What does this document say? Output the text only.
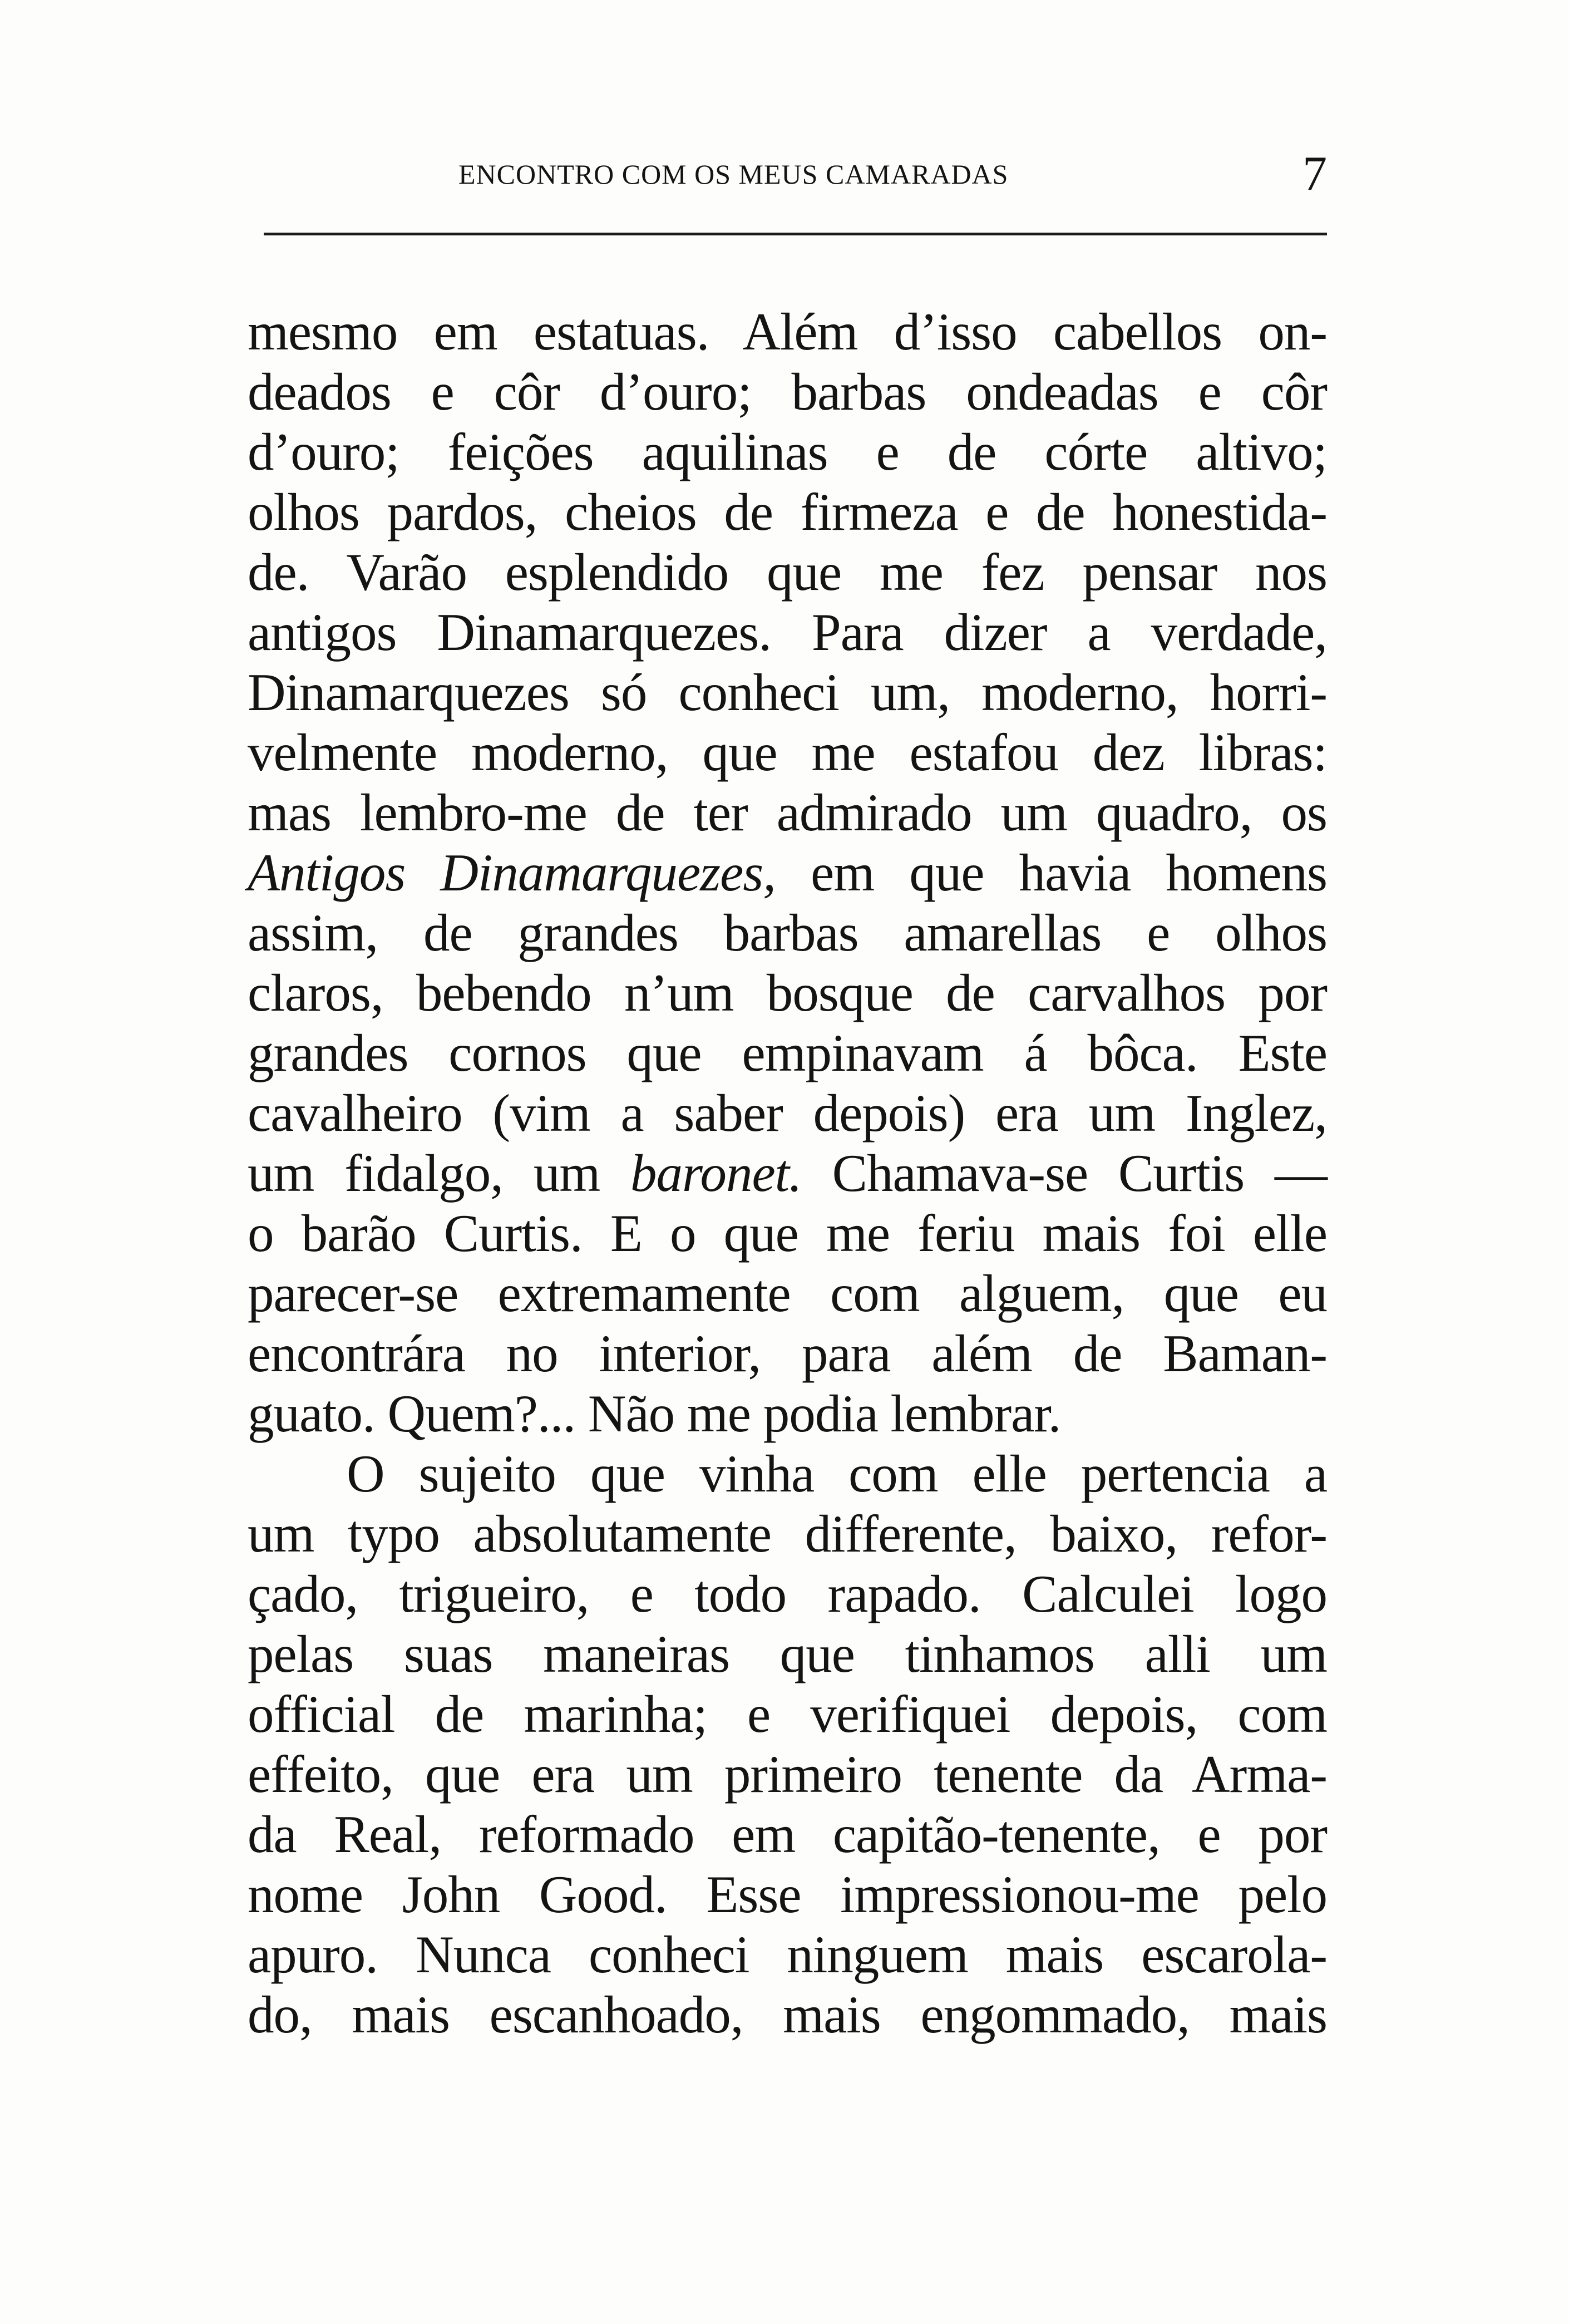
ENCONTRO COM OS MEUS CAMARADAS	7
mesmo em estatuas. Além d’isso cabellos on-
deados e côr d’ouro; barbas ondeadas e côr
d’ouro; feições aquilinas e de córte altivo;
olhos pardos, cheios de firmeza e de honestida-
de. Varão esplendido que me fez pensar nos
antigos Dinamarquezes. Para dizer a verdade,
Dinamarquezes só conheci um, moderno, horri-
velmente moderno, que me estafou dez libras:
mas lembro-me de ter admirado um quadro, os
Antigos Dinamarquezes, em que havia homens
assim, de grandes barbas amarellas e olhos
claros, bebendo n’um bosque de carvalhos por
grandes cornos que empinavam á bôca. Este
cavalheiro (vim a saber depois) era um Inglez,
um fidalgo, um baronet. Chamava-se Curtis —
o barão Curtis. E o que me feriu mais foi elle
parecer-se extremamente com alguem, que eu
encontrára no interior, para além de Baman-
guato. Quem?... Não me podia lembrar.
O sujeito que vinha com elle pertencia a
um typo absolutamente differente, baixo, refor-
çado, trigueiro, e todo rapado. Calculei logo
pelas suas maneiras que tinhamos alli um
official de marinha; e verifiquei depois, com
effeito, que era um primeiro tenente da Arma-
da Real, reformado em capitão-tenente, e por
nome John Good. Esse impressionou-me pelo
apuro. Nunca conheci ninguem mais escarola-
do, mais escanhoado, mais engommado, mais
